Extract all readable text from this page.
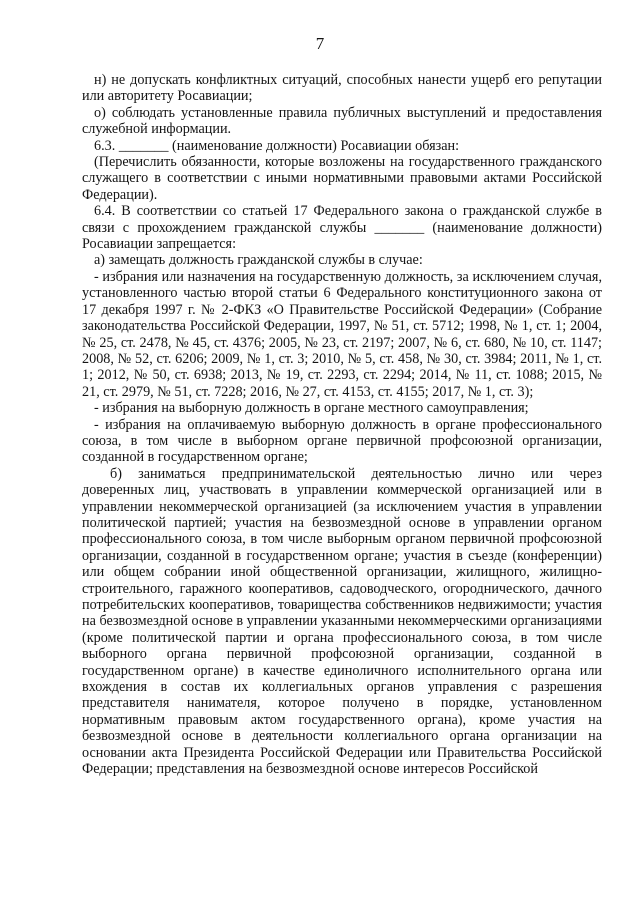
7

н) не допускать конфликтных ситуаций, способных нанести ущерб его репутации или авторитету Росавиации;

о) соблюдать установленные правила публичных выступлений и предоставления служебной информации.

6.3. _______ (наименование должности) Росавиации обязан:

(Перечислить обязанности, которые возложены на государственного гражданского служащего в соответствии с иными нормативными правовыми актами Российской Федерации).

6.4. В соответствии со статьей 17 Федерального закона о гражданской службе в связи с прохождением гражданской службы _______ (наименование должности) Росавиации запрещается:

а) замещать должность гражданской службы в случае:

- избрания или назначения на государственную должность, за исключением случая, установленного частью второй статьи 6 Федерального конституционного закона от 17 декабря 1997 г. № 2-ФКЗ «О Правительстве Российской Федерации» (Собрание законодательства Российской Федерации, 1997, № 51, ст. 5712; 1998, № 1, ст. 1; 2004, № 25, ст. 2478, № 45, ст. 4376; 2005, № 23, ст. 2197; 2007, № 6, ст. 680, № 10, ст. 1147; 2008, № 52, ст. 6206; 2009, № 1, ст. 3; 2010, № 5, ст. 458, № 30, ст. 3984; 2011, № 1, ст. 1; 2012, № 50, ст. 6938; 2013, № 19, ст. 2293, ст. 2294; 2014, № 11, ст. 1088; 2015, № 21, ст. 2979, № 51, ст. 7228; 2016, № 27, ст. 4153, ст. 4155; 2017, № 1, ст. 3);

- избрания на выборную должность в органе местного самоуправления;

- избрания на оплачиваемую выборную должность в органе профессионального союза, в том числе в выборном органе первичной профсоюзной организации, созданной в государственном органе;

б) заниматься предпринимательской деятельностью лично или через доверенных лиц, участвовать в управлении коммерческой организацией или в управлении некоммерческой организацией (за исключением участия в управлении политической партией; участия на безвозмездной основе в управлении органом профессионального союза, в том числе выборным органом первичной профсоюзной организации, созданной в государственном органе; участия в съезде (конференции) или общем собрании иной общественной организации, жилищного, жилищно-строительного, гаражного кооперативов, садоводческого, огороднического, дачного потребительских кооперативов, товарищества собственников недвижимости; участия на безвозмездной основе в управлении указанными некоммерческими организациями (кроме политической партии и органа профессионального союза, в том числе выборного органа первичной профсоюзной организации, созданной в государственном органе) в качестве единоличного исполнительного органа или вхождения в состав их коллегиальных органов управления с разрешения представителя нанимателя, которое получено в порядке, установленном нормативным правовым актом государственного органа), кроме участия на безвозмездной основе в деятельности коллегиального органа организации на основании акта Президента Российской Федерации или Правительства Российской Федерации; представления на безвозмездной основе интересов Российской
